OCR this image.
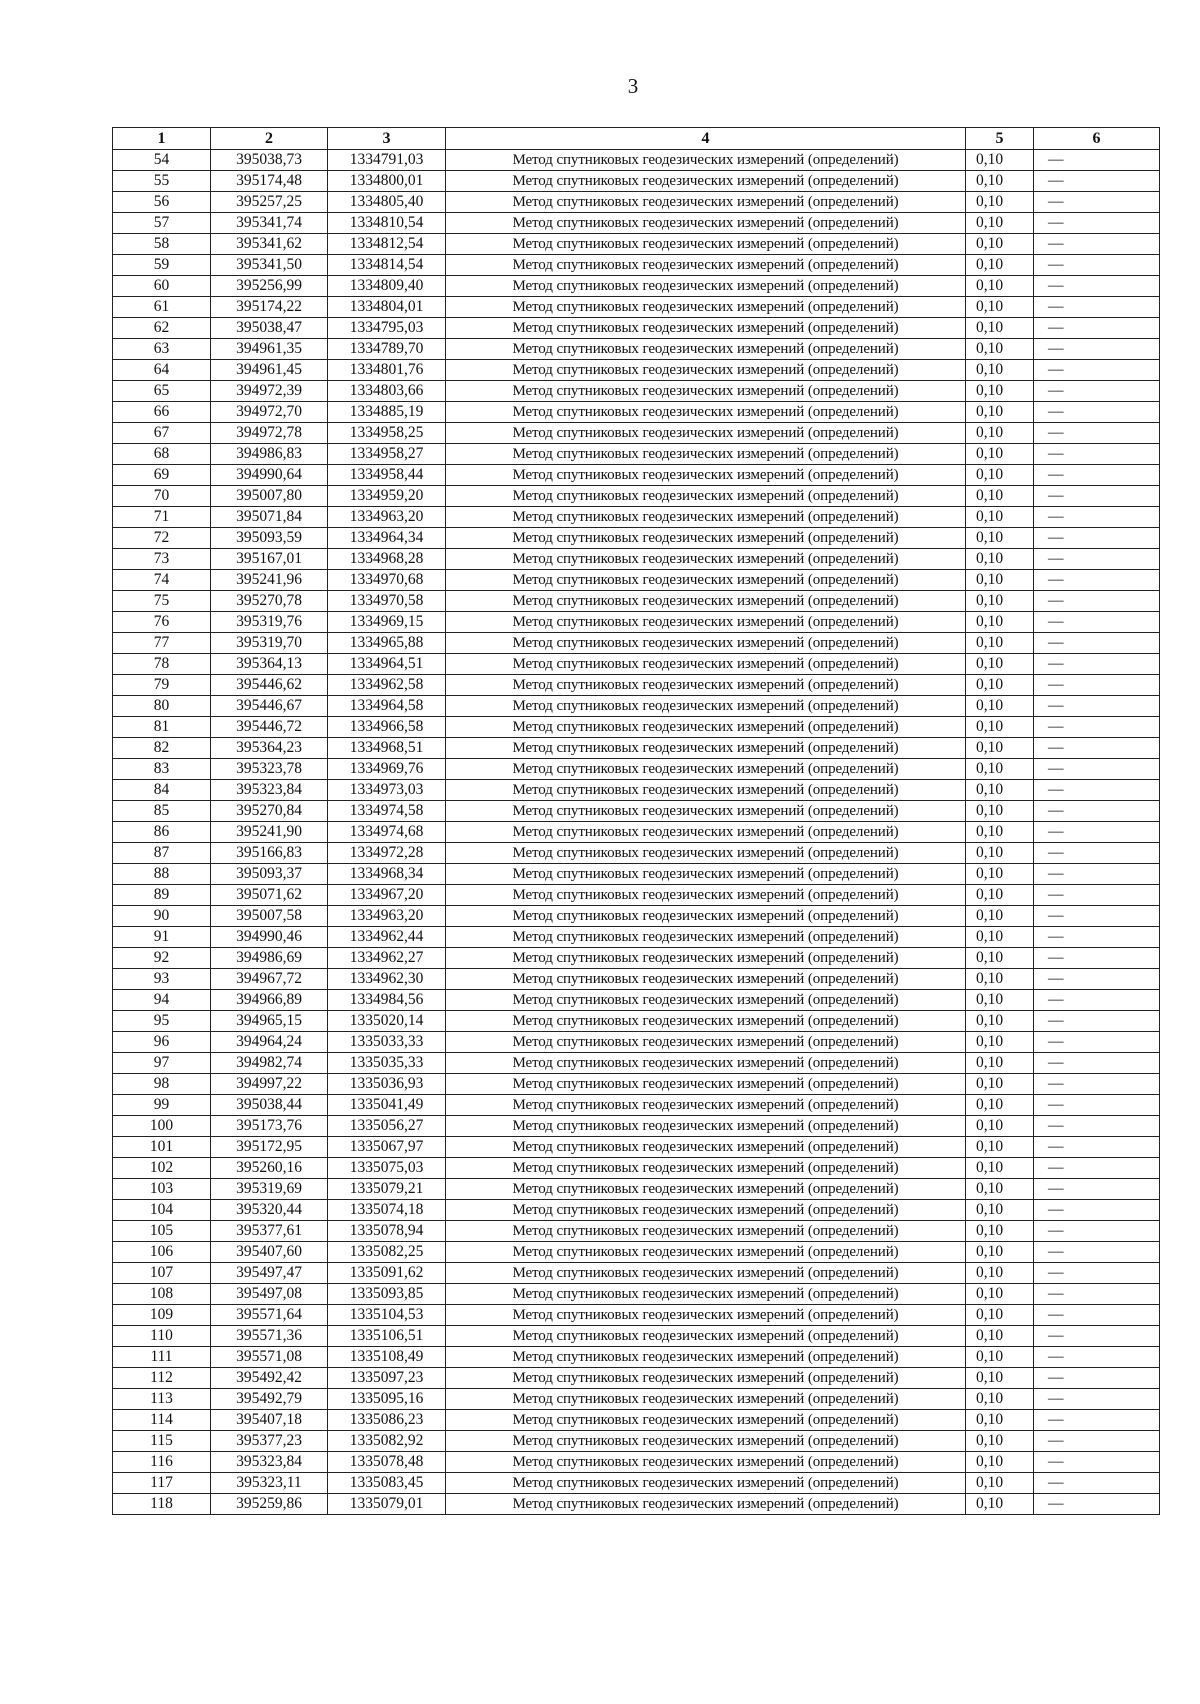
3
1	2	3	4	5	6
54	395038,73	1334791,03	Метод спутниковых геодезических измерений (определений)	0,10	—
55	395174,48	1334800,01	Метод спутниковых геодезических измерений (определений)	0,10	—
56	395257,25	1334805,40	Метод спутниковых геодезических измерений (определений)	0,10	—
57	395341,74	1334810,54	Метод спутниковых геодезических измерений (определений)	0,10	—
58	395341,62	1334812,54	Метод спутниковых геодезических измерений (определений)	0,10	—
59	395341,50	1334814,54	Метод спутниковых геодезических измерений (определений)	0,10	—
60	395256,99	1334809,40	Метод спутниковых геодезических измерений (определений)	0,10	—
61	395174,22	1334804,01	Метод спутниковых геодезических измерений (определений)	0,10	—
62	395038,47	1334795,03	Метод спутниковых геодезических измерений (определений)	0,10	—
63	394961,35	1334789,70	Метод спутниковых геодезических измерений (определений)	0,10	—
64	394961,45	1334801,76	Метод спутниковых геодезических измерений (определений)	0,10	—
65	394972,39	1334803,66	Метод спутниковых геодезических измерений (определений)	0,10	—
66	394972,70	1334885,19	Метод спутниковых геодезических измерений (определений)	0,10	—
67	394972,78	1334958,25	Метод спутниковых геодезических измерений (определений)	0,10	—
68	394986,83	1334958,27	Метод спутниковых геодезических измерений (определений)	0,10	—
69	394990,64	1334958,44	Метод спутниковых геодезических измерений (определений)	0,10	—
70	395007,80	1334959,20	Метод спутниковых геодезических измерений (определений)	0,10	—
71	395071,84	1334963,20	Метод спутниковых геодезических измерений (определений)	0,10	—
72	395093,59	1334964,34	Метод спутниковых геодезических измерений (определений)	0,10	—
73	395167,01	1334968,28	Метод спутниковых геодезических измерений (определений)	0,10	—
74	395241,96	1334970,68	Метод спутниковых геодезических измерений (определений)	0,10	—
75	395270,78	1334970,58	Метод спутниковых геодезических измерений (определений)	0,10	—
76	395319,76	1334969,15	Метод спутниковых геодезических измерений (определений)	0,10	—
77	395319,70	1334965,88	Метод спутниковых геодезических измерений (определений)	0,10	—
78	395364,13	1334964,51	Метод спутниковых геодезических измерений (определений)	0,10	—
79	395446,62	1334962,58	Метод спутниковых геодезических измерений (определений)	0,10	—
80	395446,67	1334964,58	Метод спутниковых геодезических измерений (определений)	0,10	—
81	395446,72	1334966,58	Метод спутниковых геодезических измерений (определений)	0,10	—
82	395364,23	1334968,51	Метод спутниковых геодезических измерений (определений)	0,10	—
83	395323,78	1334969,76	Метод спутниковых геодезических измерений (определений)	0,10	—
84	395323,84	1334973,03	Метод спутниковых геодезических измерений (определений)	0,10	—
85	395270,84	1334974,58	Метод спутниковых геодезических измерений (определений)	0,10	—
86	395241,90	1334974,68	Метод спутниковых геодезических измерений (определений)	0,10	—
87	395166,83	1334972,28	Метод спутниковых геодезических измерений (определений)	0,10	—
88	395093,37	1334968,34	Метод спутниковых геодезических измерений (определений)	0,10	—
89	395071,62	1334967,20	Метод спутниковых геодезических измерений (определений)	0,10	—
90	395007,58	1334963,20	Метод спутниковых геодезических измерений (определений)	0,10	—
91	394990,46	1334962,44	Метод спутниковых геодезических измерений (определений)	0,10	—
92	394986,69	1334962,27	Метод спутниковых геодезических измерений (определений)	0,10	—
93	394967,72	1334962,30	Метод спутниковых геодезических измерений (определений)	0,10	—
94	394966,89	1334984,56	Метод спутниковых геодезических измерений (определений)	0,10	—
95	394965,15	1335020,14	Метод спутниковых геодезических измерений (определений)	0,10	—
96	394964,24	1335033,33	Метод спутниковых геодезических измерений (определений)	0,10	—
97	394982,74	1335035,33	Метод спутниковых геодезических измерений (определений)	0,10	—
98	394997,22	1335036,93	Метод спутниковых геодезических измерений (определений)	0,10	—
99	395038,44	1335041,49	Метод спутниковых геодезических измерений (определений)	0,10	—
100	395173,76	1335056,27	Метод спутниковых геодезических измерений (определений)	0,10	—
101	395172,95	1335067,97	Метод спутниковых геодезических измерений (определений)	0,10	—
102	395260,16	1335075,03	Метод спутниковых геодезических измерений (определений)	0,10	—
103	395319,69	1335079,21	Метод спутниковых геодезических измерений (определений)	0,10	—
104	395320,44	1335074,18	Метод спутниковых геодезических измерений (определений)	0,10	—
105	395377,61	1335078,94	Метод спутниковых геодезических измерений (определений)	0,10	—
106	395407,60	1335082,25	Метод спутниковых геодезических измерений (определений)	0,10	—
107	395497,47	1335091,62	Метод спутниковых геодезических измерений (определений)	0,10	—
108	395497,08	1335093,85	Метод спутниковых геодезических измерений (определений)	0,10	—
109	395571,64	1335104,53	Метод спутниковых геодезических измерений (определений)	0,10	—
110	395571,36	1335106,51	Метод спутниковых геодезических измерений (определений)	0,10	—
111	395571,08	1335108,49	Метод спутниковых геодезических измерений (определений)	0,10	—
112	395492,42	1335097,23	Метод спутниковых геодезических измерений (определений)	0,10	—
113	395492,79	1335095,16	Метод спутниковых геодезических измерений (определений)	0,10	—
114	395407,18	1335086,23	Метод спутниковых геодезических измерений (определений)	0,10	—
115	395377,23	1335082,92	Метод спутниковых геодезических измерений (определений)	0,10	—
116	395323,84	1335078,48	Метод спутниковых геодезических измерений (определений)	0,10	—
117	395323,11	1335083,45	Метод спутниковых геодезических измерений (определений)	0,10	—
118	395259,86	1335079,01	Метод спутниковых геодезических измерений (определений)	0,10	—
